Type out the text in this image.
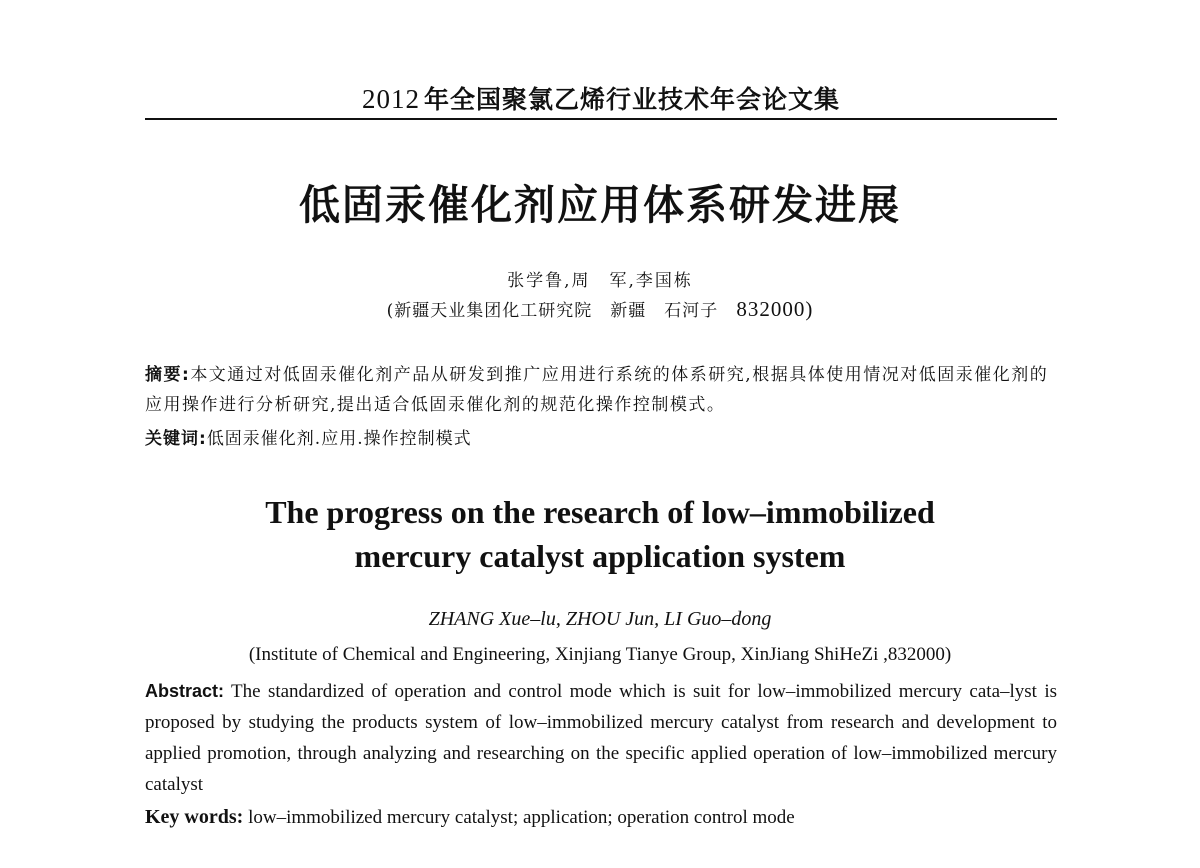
2012 年全国聚氯乙烯行业技术年会论文集
低固汞催化剂应用体系研发进展
张学鲁,周　军,李国栋
(新疆天业集团化工研究院　新疆　石河子　832000)
摘要:本文通过对低固汞催化剂产品从研发到推广应用进行系统的体系研究,根据具体使用情况对低固汞催化剂的应用操作进行分析研究,提出适合低固汞催化剂的规范化操作控制模式。
关键词:低固汞催化剂.应用.操作控制模式
The progress on the research of low–immobilized
mercury catalyst application system
ZHANG Xue–lu, ZHOU Jun, LI Guo–dong
(Institute of Chemical and Engineering, Xinjiang Tianye Group, XinJiang ShiHeZi ,832000)
Abstract: The standardized of operation and control mode which is suit for low–immobilized mercury cata–lyst is proposed by studying the products system of low–immobilized mercury catalyst from research and development to applied promotion, through analyzing and researching on the specific applied operation of low–immobilized mercury catalyst
Key words: low–immobilized mercury catalyst; application; operation control mode
